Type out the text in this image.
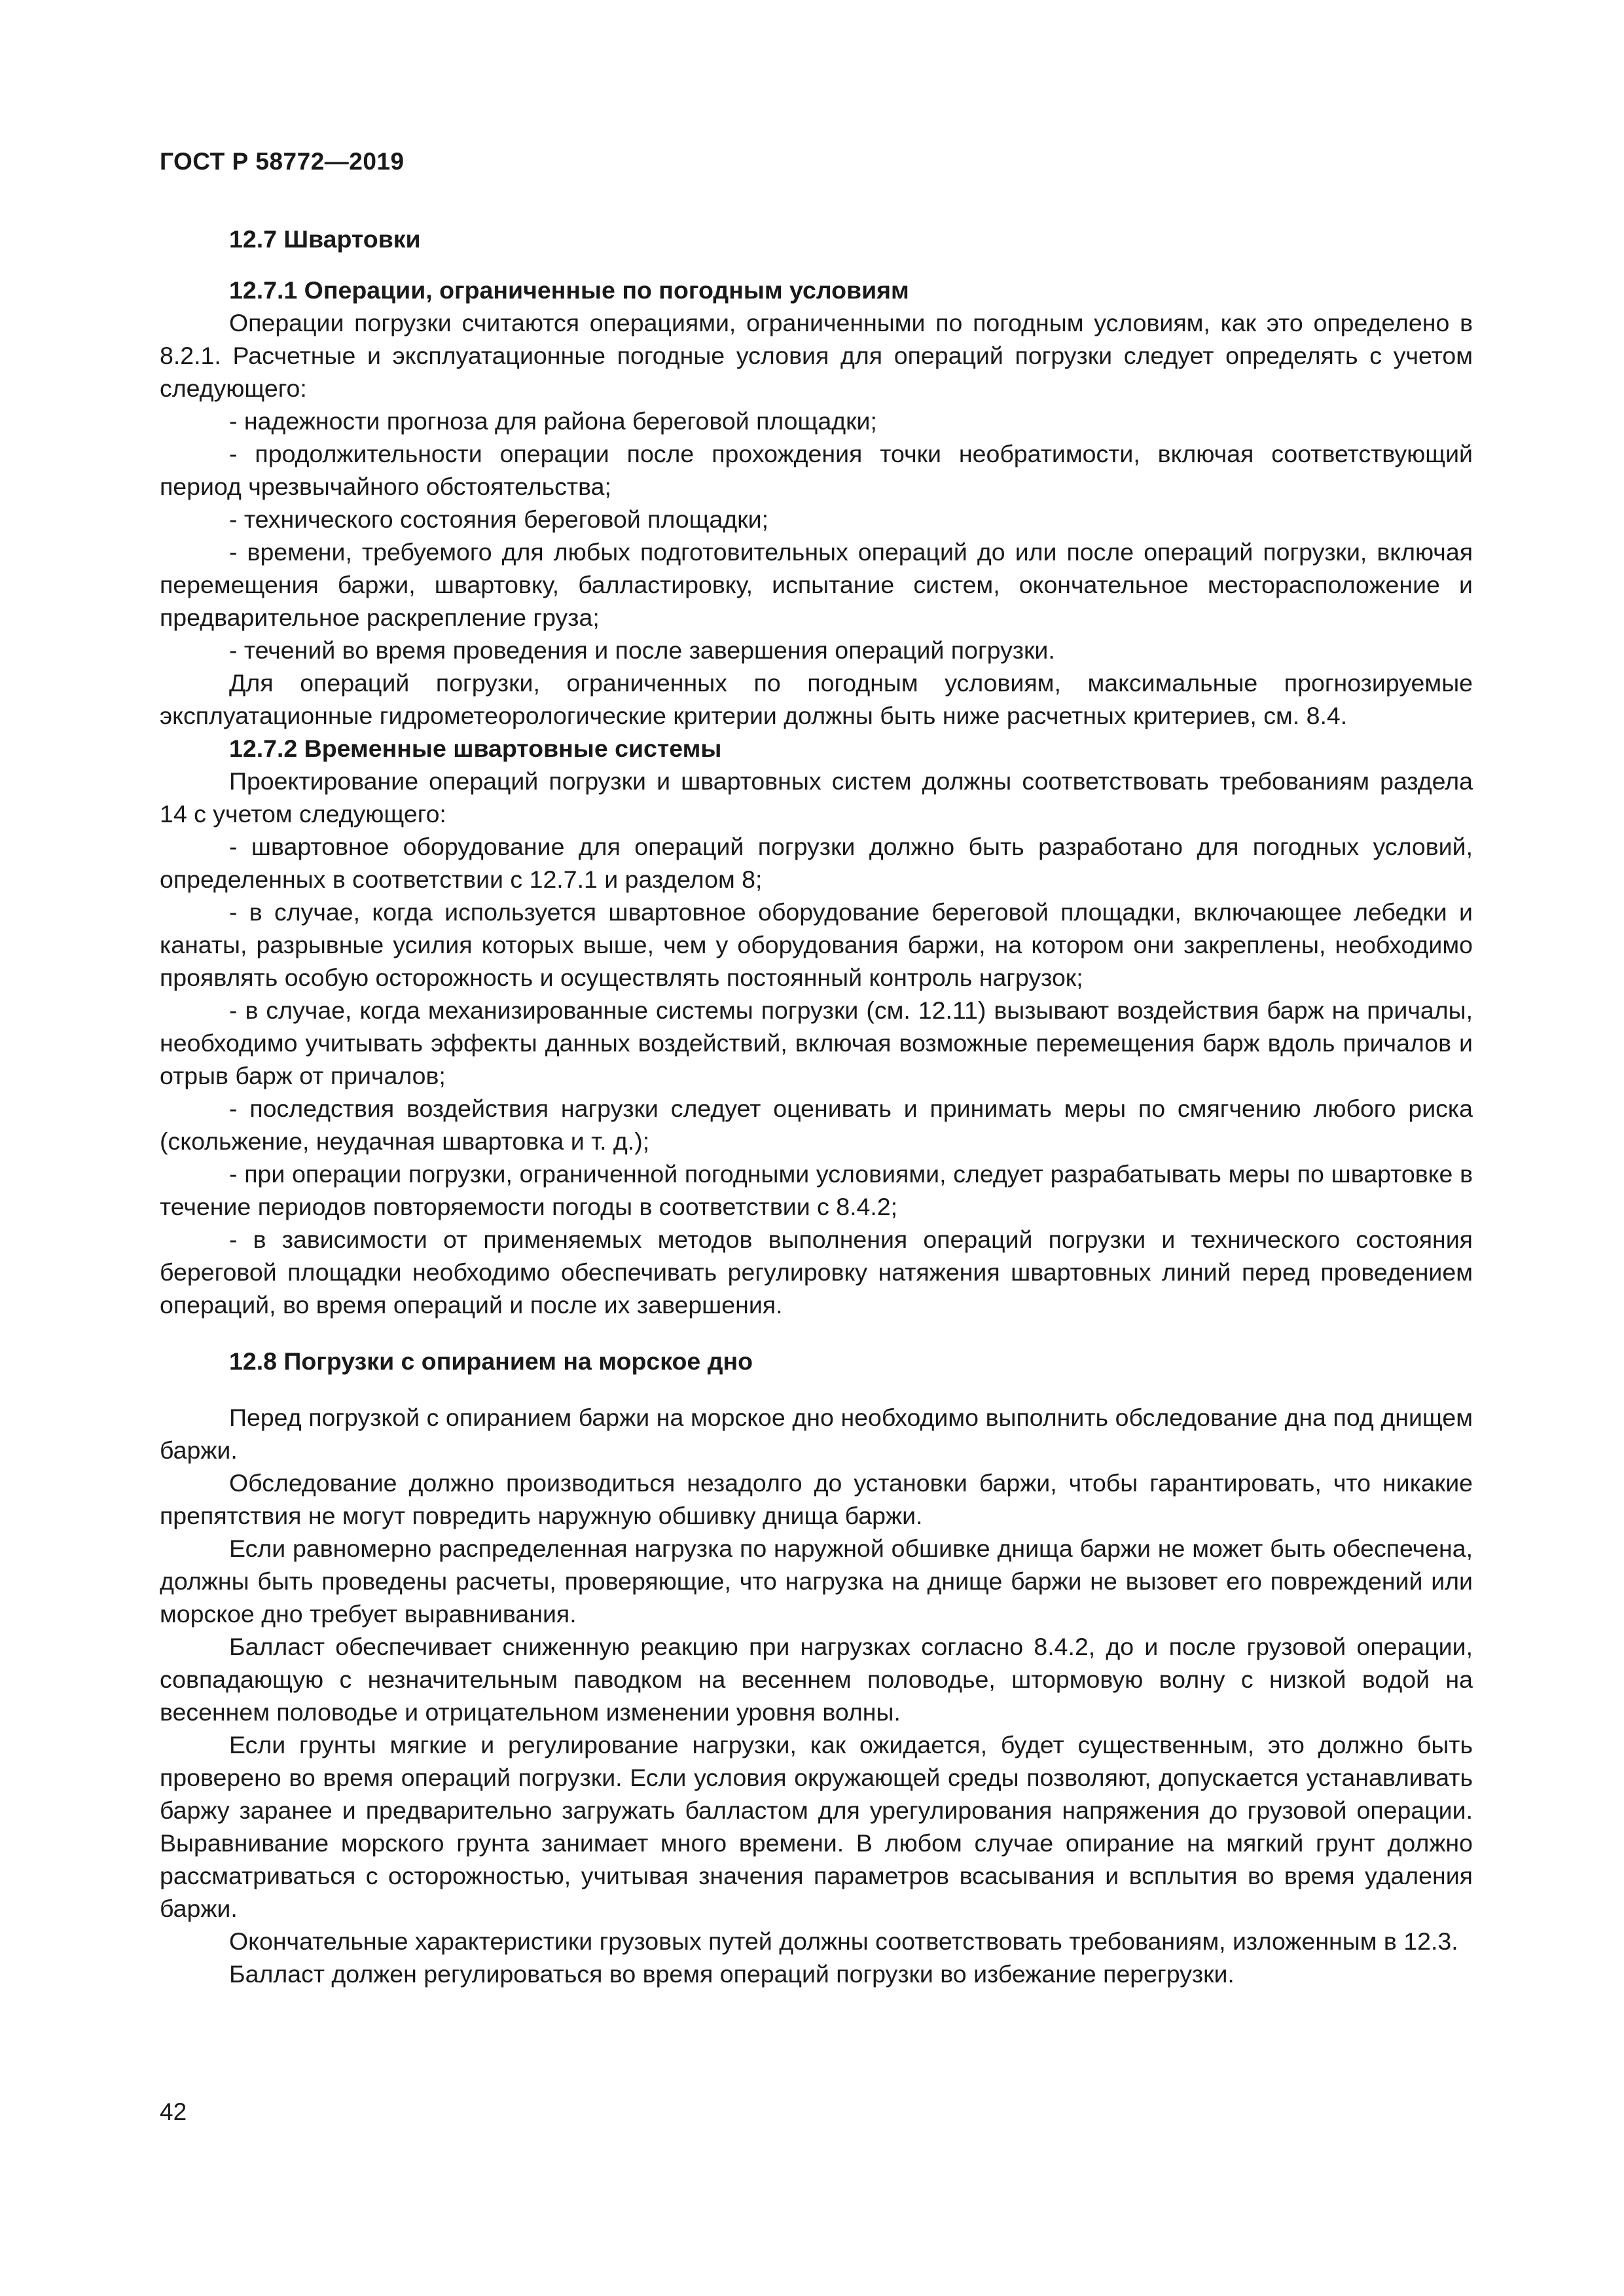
ГОСТ Р 58772—2019

12.7 Швартовки

12.7.1 Операции, ограниченные по погодным условиям

Операции погрузки считаются операциями, ограниченными по погодным условиям, как это определено в 8.2.1. Расчетные и эксплуатационные погодные условия для операций погрузки следует определять с учетом следующего:

- надежности прогноза для района береговой площадки;

- продолжительности операции после прохождения точки необратимости, включая соответствующий период чрезвычайного обстоятельства;

- технического состояния береговой площадки;

- времени, требуемого для любых подготовительных операций до или после операций погрузки, включая перемещения баржи, швартовку, балластировку, испытание систем, окончательное месторасположение и предварительное раскрепление груза;

- течений во время проведения и после завершения операций погрузки.

Для операций погрузки, ограниченных по погодным условиям, максимальные прогнозируемые эксплуатационные гидрометеорологические критерии должны быть ниже расчетных критериев, см. 8.4.

12.7.2 Временные швартовные системы

Проектирование операций погрузки и швартовных систем должны соответствовать требованиям раздела 14 с учетом следующего:

- швартовное оборудование для операций погрузки должно быть разработано для погодных условий, определенных в соответствии с 12.7.1 и разделом 8;

- в случае, когда используется швартовное оборудование береговой площадки, включающее лебедки и канаты, разрывные усилия которых выше, чем у оборудования баржи, на котором они закреплены, необходимо проявлять особую осторожность и осуществлять постоянный контроль нагрузок;

- в случае, когда механизированные системы погрузки (см. 12.11) вызывают воздействия барж на причалы, необходимо учитывать эффекты данных воздействий, включая возможные перемещения барж вдоль причалов и отрыв барж от причалов;

- последствия воздействия нагрузки следует оценивать и принимать меры по смягчению любого риска (скольжение, неудачная швартовка и т. д.);

- при операции погрузки, ограниченной погодными условиями, следует разрабатывать меры по швартовке в течение периодов повторяемости погоды в соответствии с 8.4.2;

- в зависимости от применяемых методов выполнения операций погрузки и технического состояния береговой площадки необходимо обеспечивать регулировку натяжения швартовных линий перед проведением операций, во время операций и после их завершения.

12.8 Погрузки с опиранием на морское дно

Перед погрузкой с опиранием баржи на морское дно необходимо выполнить обследование дна под днищем баржи.

Обследование должно производиться незадолго до установки баржи, чтобы гарантировать, что никакие препятствия не могут повредить наружную обшивку днища баржи.

Если равномерно распределенная нагрузка по наружной обшивке днища баржи не может быть обеспечена, должны быть проведены расчеты, проверяющие, что нагрузка на днище баржи не вызовет его повреждений или морское дно требует выравнивания.

Балласт обеспечивает сниженную реакцию при нагрузках согласно 8.4.2, до и после грузовой операции, совпадающую с незначительным паводком на весеннем половодье, штормовую волну с низкой водой на весеннем половодье и отрицательном изменении уровня волны.

Если грунты мягкие и регулирование нагрузки, как ожидается, будет существенным, это должно быть проверено во время операций погрузки. Если условия окружающей среды позволяют, допускается устанавливать баржу заранее и предварительно загружать балластом для урегулирования напряжения до грузовой операции. Выравнивание морского грунта занимает много времени. В любом случае опирание на мягкий грунт должно рассматриваться с осторожностью, учитывая значения параметров всасывания и всплытия во время удаления баржи.

Окончательные характеристики грузовых путей должны соответствовать требованиям, изложенным в 12.3.

Балласт должен регулироваться во время операций погрузки во избежание перегрузки.

42
